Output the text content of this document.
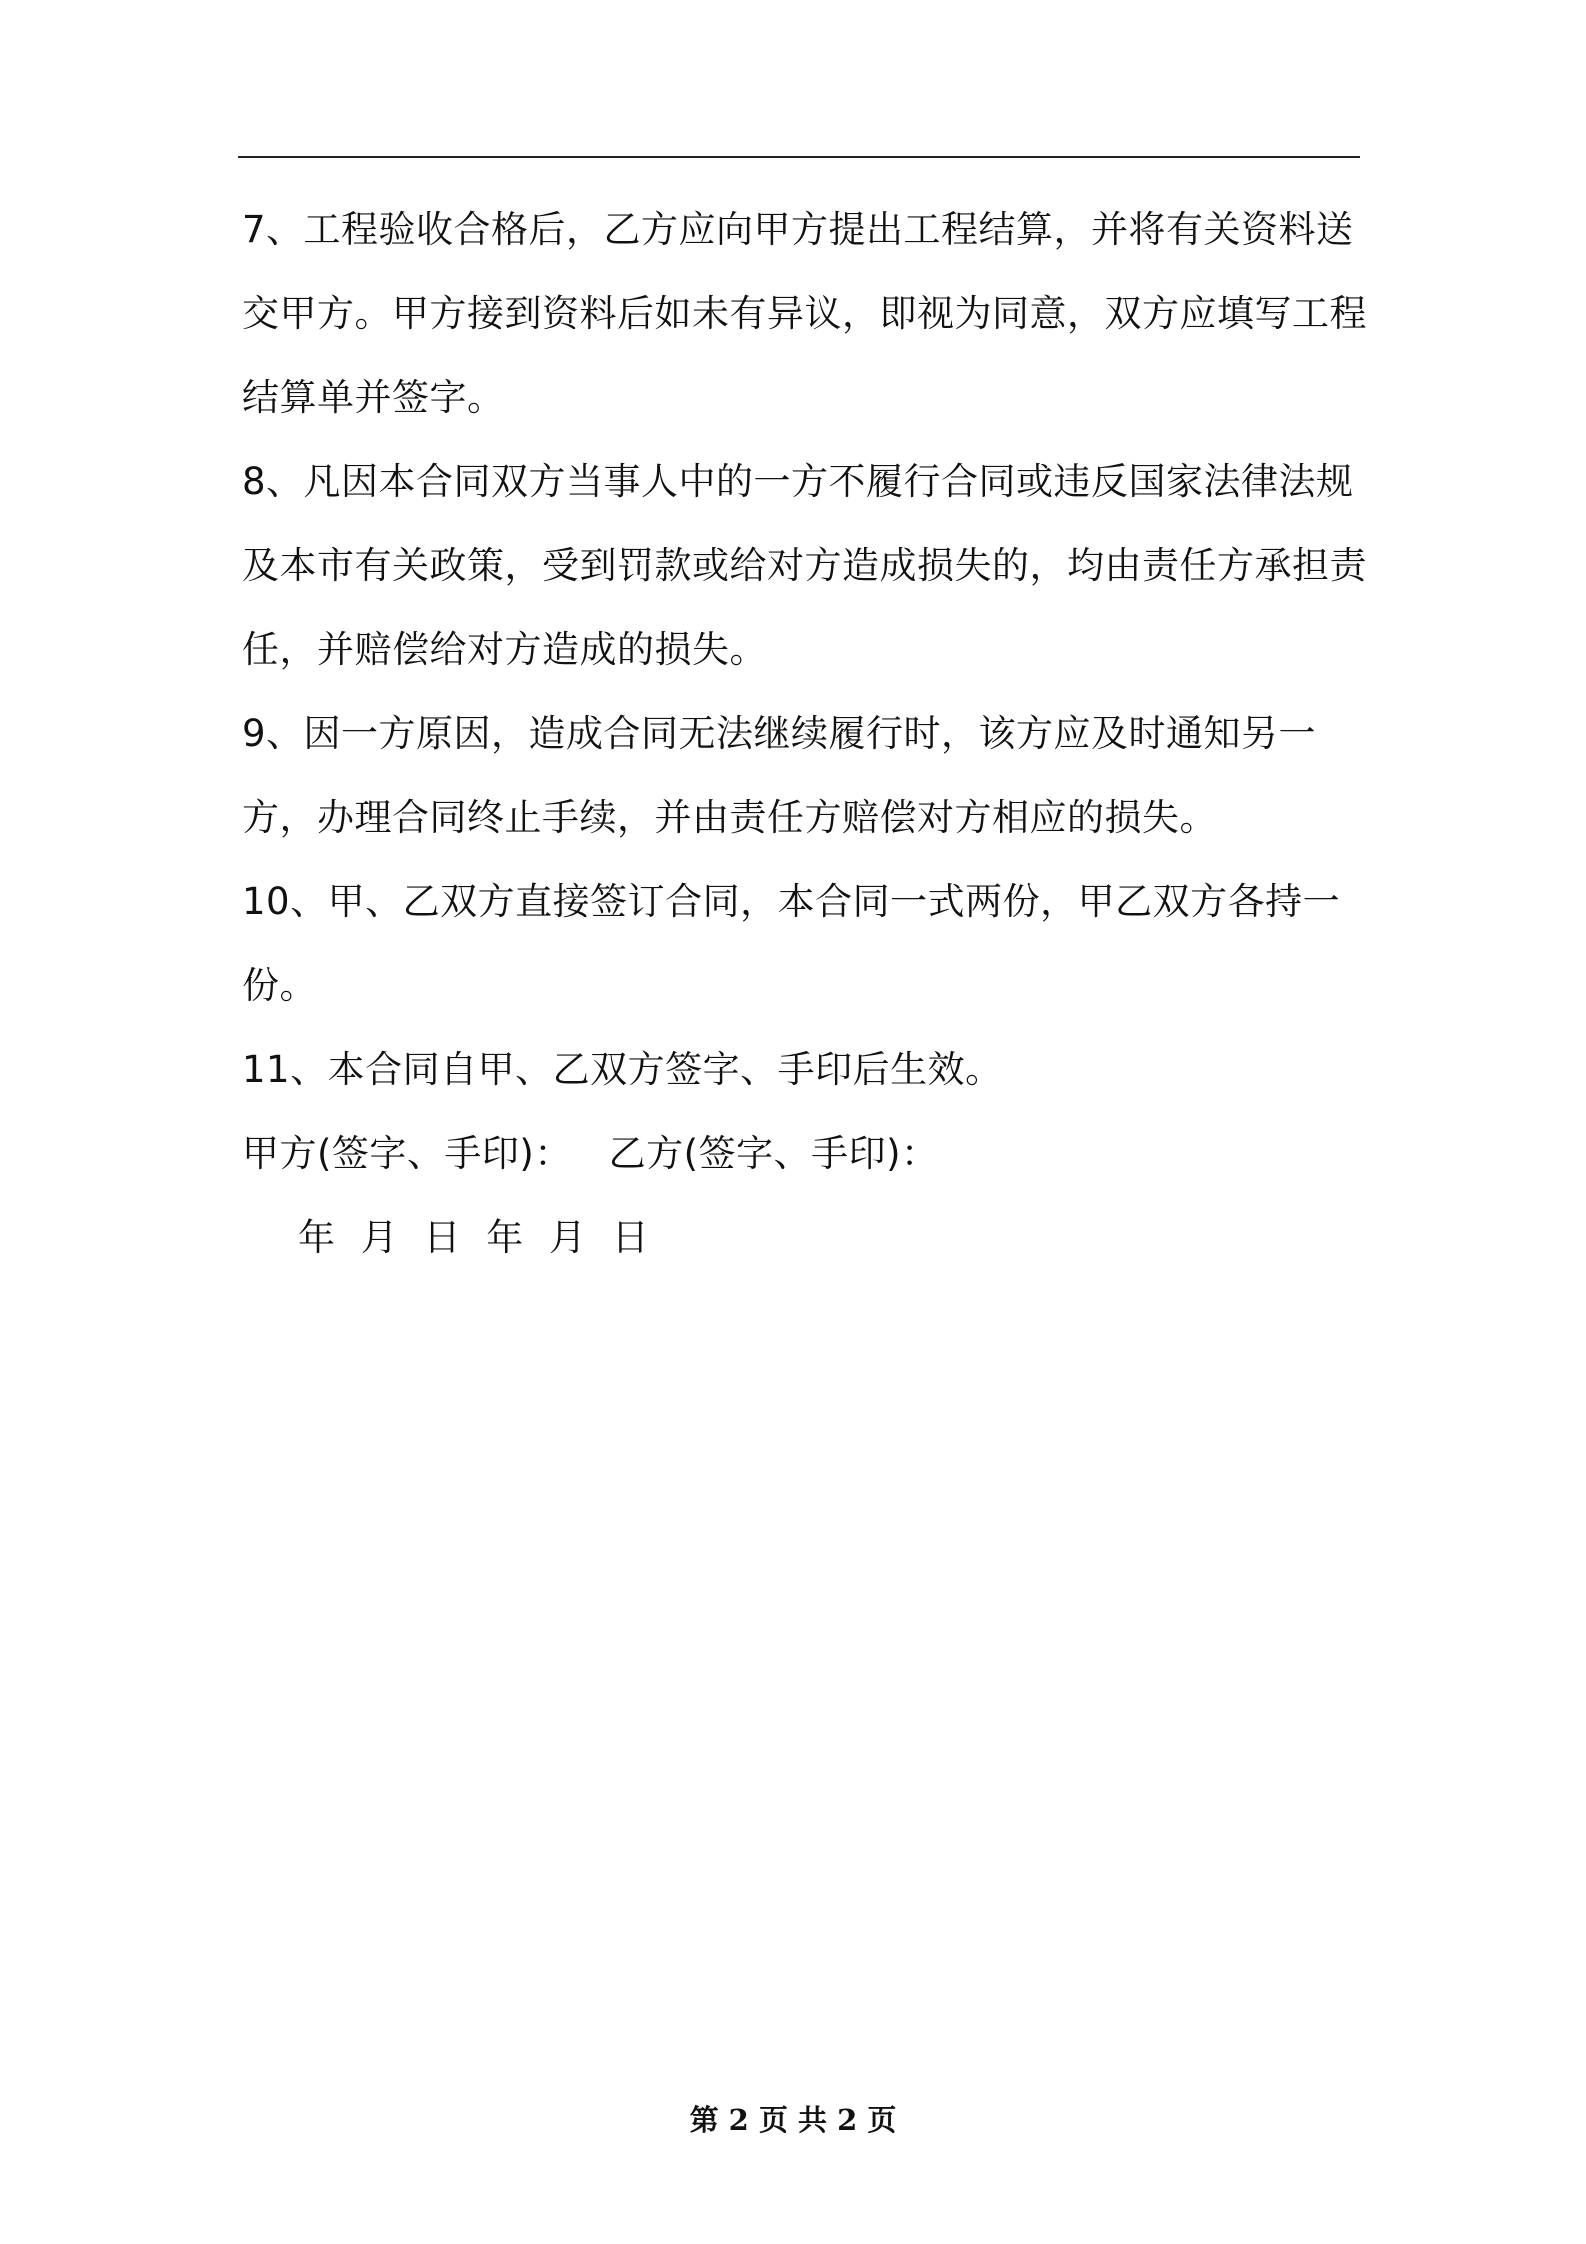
7、工程验收合格后，乙方应向甲方提出工程结算，并将有关资料送交甲方。甲方接到资料后如未有异议，即视为同意，双方应填写工程结算单并签字。

8、凡因本合同双方当事人中的一方不履行合同或违反国家法律法规及本市有关政策，受到罚款或给对方造成损失的，均由责任方承担责任，并赔偿给对方造成的损失。

9、因一方原因，造成合同无法继续履行时，该方应及时通知另一方，办理合同终止手续，并由责任方赔偿对方相应的损失。

10、甲、乙双方直接签订合同，本合同一式两份，甲乙双方各持一份。

11、本合同自甲、乙双方签字、手印后生效。

甲方(签字、手印)：   乙方(签字、手印)：

年 月 日 年 月 日

第 2 页 共 2 页
